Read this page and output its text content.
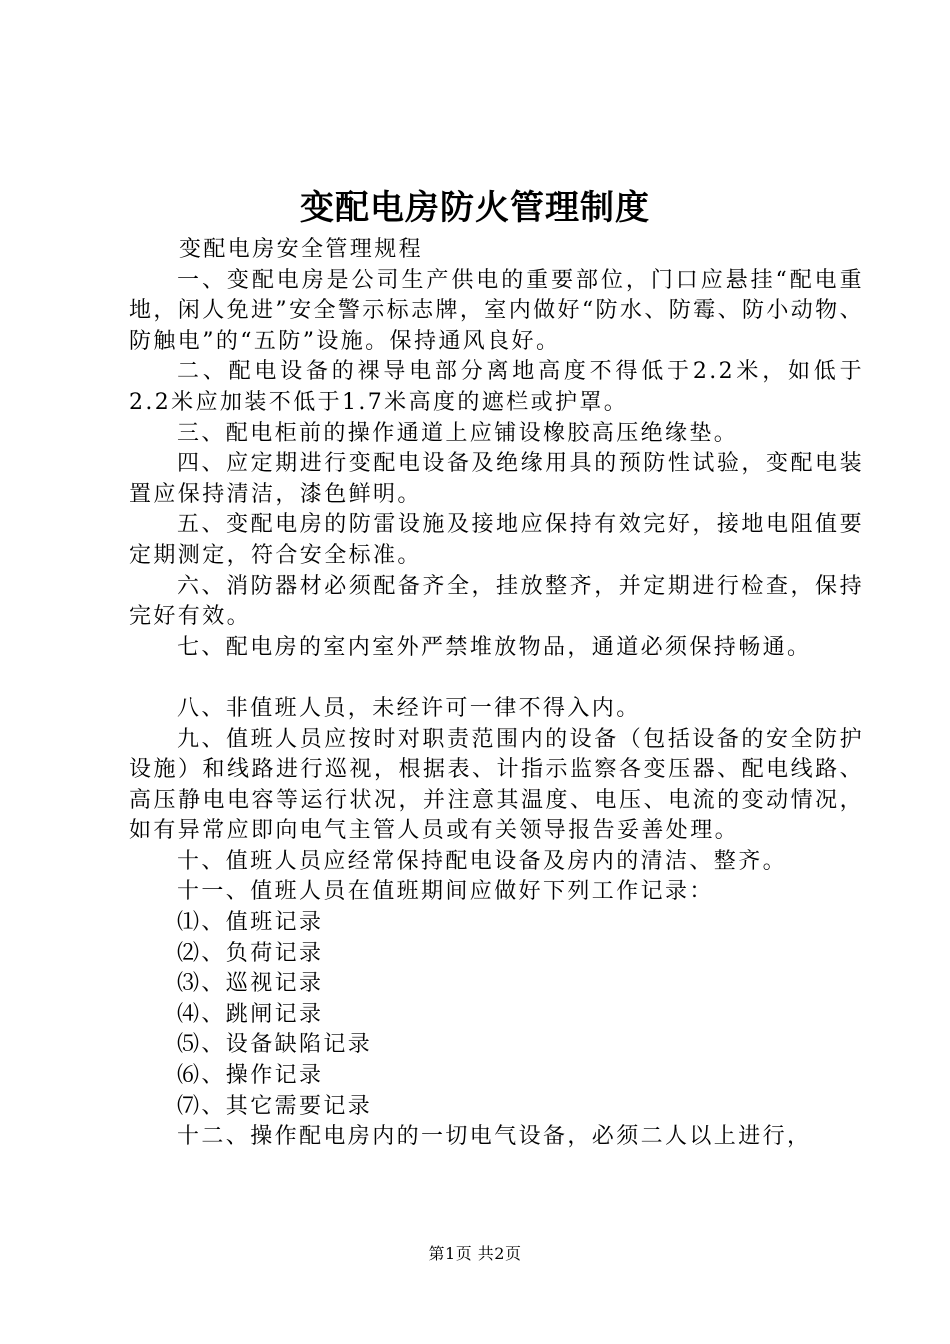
变配电房防火管理制度

变配电房安全管理规程

一、变配电房是公司生产供电的重要部位，门口应悬挂“配电重地，闲人免进”安全警示标志牌，室内做好“防水、防霉、防小动物、防触电”的“五防”设施。保持通风良好。

二、配电设备的裸导电部分离地高度不得低于2.2米，如低于2.2米应加装不低于1.7米高度的遮栏或护罩。

三、配电柜前的操作通道上应铺设橡胶高压绝缘垫。

四、应定期进行变配电设备及绝缘用具的预防性试验，变配电装置应保持清洁，漆色鲜明。

五、变配电房的防雷设施及接地应保持有效完好，接地电阻值要定期测定，符合安全标准。

六、消防器材必须配备齐全，挂放整齐，并定期进行检查，保持完好有效。

七、配电房的室内室外严禁堆放物品，通道必须保持畅通。

八、非值班人员，未经许可一律不得入内。

九、值班人员应按时对职责范围内的设备（包括设备的安全防护设施）和线路进行巡视，根据表、计指示监察各变压器、配电线路、高压静电电容等运行状况，并注意其温度、电压、电流的变动情况，如有异常应即向电气主管人员或有关领导报告妥善处理。

十、值班人员应经常保持配电设备及房内的清洁、整齐。

十一、值班人员在值班期间应做好下列工作记录：

⑴、值班记录

⑵、负荷记录

⑶、巡视记录

⑷、跳闸记录

⑸、设备缺陷记录

⑹、操作记录

⑺、其它需要记录

十二、操作配电房内的一切电气设备，必须二人以上进行，

第1页 共2页
